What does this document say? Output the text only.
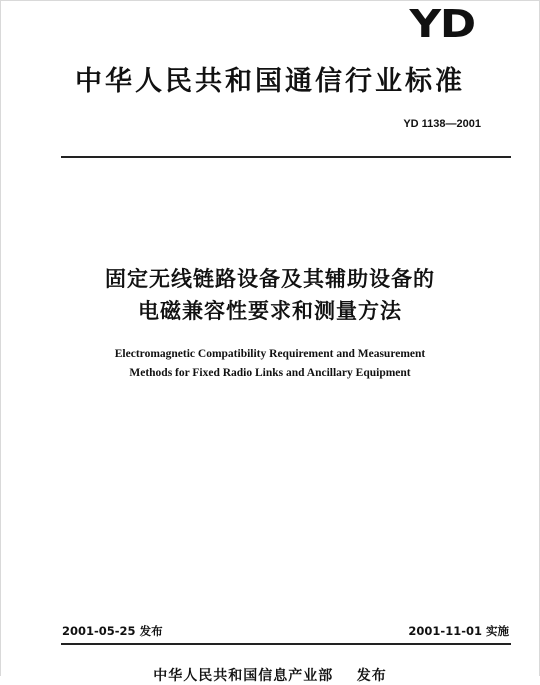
YD
中华人民共和国通信行业标准
YD 1138—2001
固定无线链路设备及其辅助设备的
电磁兼容性要求和测量方法
Electromagnetic Compatibility Requirement and Measurement
Methods for Fixed Radio Links and Ancillary Equipment
2001-05-25 发布	2001-11-01 实施
中华人民共和国信息产业部    发布
